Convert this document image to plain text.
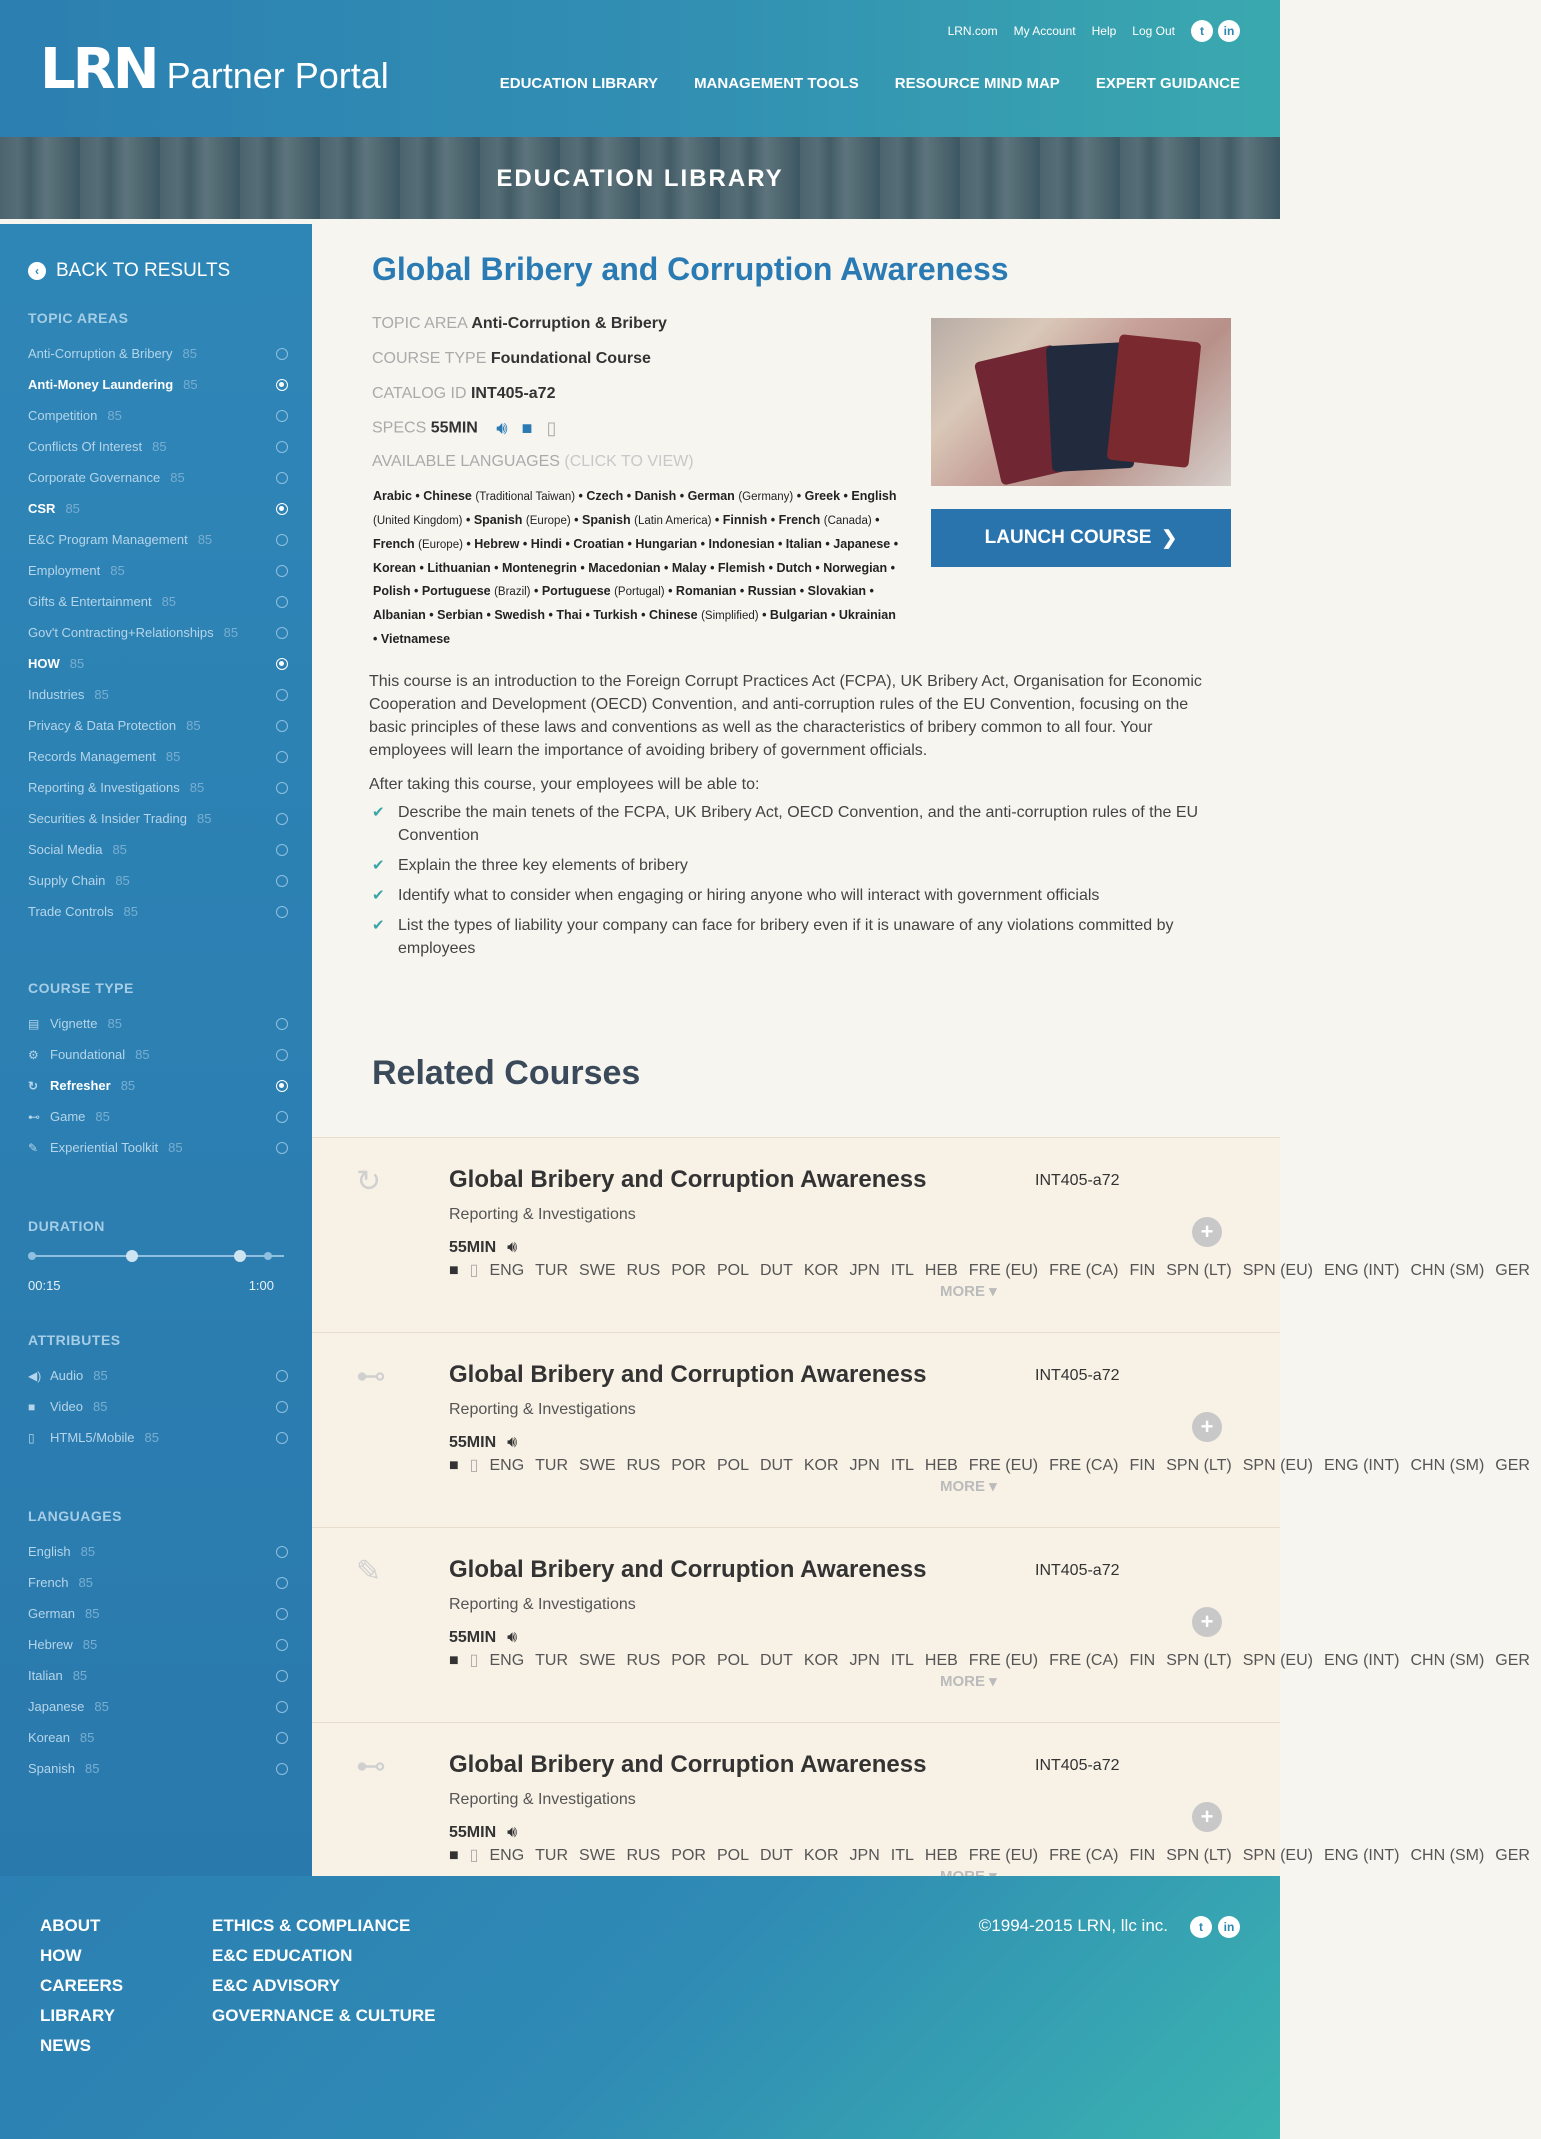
LRN Partner Portal
LRN.com My Account Help Log Out	t	in
EDUCATION LIBRARY MANAGEMENT TOOLS RESOURCE MIND MAP EXPERT GUIDANCE
EDUCATION LIBRARY
‹ BACK TO RESULTS
TOPIC AREAS
Anti-Corruption & Bribery 85
Anti-Money Laundering 85
Competition 85
Conflicts Of Interest 85
Corporate Governance 85
CSR 85
E&C Program Management 85
Employment 85
Gifts & Entertainment 85
Gov't Contracting+Relationships 85
HOW 85
Industries 85
Privacy & Data Protection 85
Records Management 85
Reporting & Investigations 85
Securities & Insider Trading 85
Social Media 85
Supply Chain 85
Trade Controls 85
COURSE TYPE
▤ Vignette 85
⚙ Foundational 85
↻ Refresher 85
⊷ Game 85
✎ Experiential Toolkit 85
DURATION
00:15	1:00
ATTRIBUTES
◀) Audio 85
■	Video 85
▯	HTML5/Mobile 85
LANGUAGES
English 85
French 85
German 85
Hebrew 85
Italian 85
Japanese 85
Korean 85
Spanish 85
Global Bribery and Corruption Awareness
TOPIC AREA Anti-Corruption & Bribery
COURSE TYPE Foundational Course
CATALOG ID INT405-a72
SPECS 55MIN 🔊︎ ■ ▯
AVAILABLE LANGUAGES (CLICK TO VIEW)
Arabic • Chinese (Traditional Taiwan) • Czech • Danish • German (Germany) • Greek • English (United Kingdom) • Spanish (Europe) • Spanish (Latin America) • Finnish • French (Canada) • French (Europe) • Hebrew • Hindi • Croatian • Hungarian • Indonesian • Italian • Japanese • Korean • Lithuanian • Montenegrin • Macedonian • Malay • Flemish • Dutch • Norwegian • Polish • Portuguese (Brazil) • Portuguese (Portugal) • Romanian • Russian • Slovakian • Albanian • Serbian • Swedish • Thai • Turkish • Chinese (Simplified) • Bulgarian • Ukrainian • Vietnamese
LAUNCH COURSE ❯

This course is an introduction to the Foreign Corrupt Practices Act (FCPA), UK Bribery Act, Organisation for Economic Cooperation and Development (OECD) Convention, and anti-corruption rules of the EU Convention, focusing on the basic principles of these laws and conventions as well as the characteristics of bribery common to all four. Your employees will learn the importance of avoiding bribery of government officials.

After taking this course, your employees will be able to:

✔ Describe the main tenets of the FCPA, UK Bribery Act, OECD Convention, and the anti-corruption rules of the EU Convention
✔ Explain the three key elements of bribery
✔ Identify what to consider when engaging or hiring anyone who will interact with government officials
✔ List the types of liability your company can face for bribery even if it is unaware of any violations committed by employees
Related Courses
↻	Global Bribery and Corruption Awareness
Reporting & Investigations
INT405-a72
55MIN 🔊︎■ ▯ ENG TUR SWE RUS POR POL DUT KOR JPN ITL HEB FRE (EU) FRE (CA) FIN SPN (LT) SPN (EU) ENG (INT) CHN (SM) GER
MORE ▾
+
⊷	Global Bribery and Corruption Awareness
Reporting & Investigations
INT405-a72
55MIN 🔊︎■ ▯ ENG TUR SWE RUS POR POL DUT KOR JPN ITL HEB FRE (EU) FRE (CA) FIN SPN (LT) SPN (EU) ENG (INT) CHN (SM) GER
MORE ▾
+
✎	Global Bribery and Corruption Awareness
Reporting & Investigations
INT405-a72
55MIN 🔊︎■ ▯ ENG TUR SWE RUS POR POL DUT KOR JPN ITL HEB FRE (EU) FRE (CA) FIN SPN (LT) SPN (EU) ENG (INT) CHN (SM) GER
MORE ▾
+
⊷	Global Bribery and Corruption Awareness
Reporting & Investigations
INT405-a72
55MIN 🔊︎■ ▯ ENG TUR SWE RUS POR POL DUT KOR JPN ITL HEB FRE (EU) FRE (CA) FIN SPN (LT) SPN (EU) ENG (INT) CHN (SM) GER
+
ABOUT
HOW
CAREERS
LIBRARY
NEWS
ETHICS & COMPLIANCE
E&C EDUCATION
E&C ADVISORY
GOVERNANCE & CULTURE
©1994-2015 LRN, llc inc.	t	in
